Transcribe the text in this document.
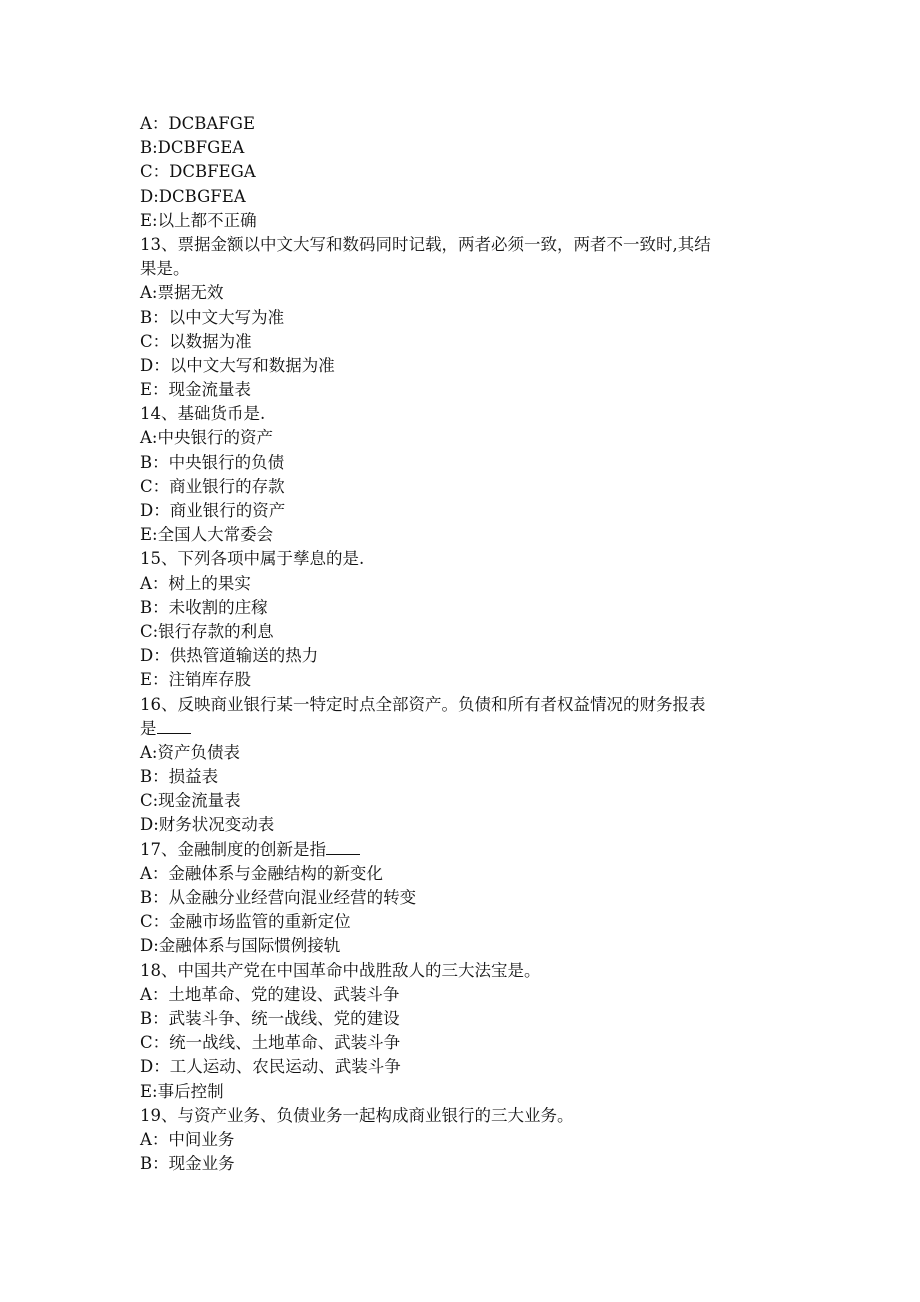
A：DCBAFGE
B:DCBFGEA
C：DCBFEGA
D:DCBGFEA
E:以上都不正确
13、票据金额以中文大写和数码同时记载，两者必须一致，两者不一致时,其结
果是。
A:票据无效
B：以中文大写为准
C：以数据为准
D：以中文大写和数据为准
E：现金流量表
14、基础货币是.
A:中央银行的资产
B：中央银行的负债
C：商业银行的存款
D：商业银行的资产
E:全国人大常委会
15、下列各项中属于孳息的是.
A：树上的果实
B：未收割的庄稼
C:银行存款的利息
D：供热管道输送的热力
E：注销库存股
16、反映商业银行某一特定时点全部资产。负债和所有者权益情况的财务报表
是
A:资产负债表
B：损益表
C:现金流量表
D:财务状况变动表
17、金融制度的创新是指
A：金融体系与金融结构的新变化
B：从金融分业经营向混业经营的转变
C：金融市场监管的重新定位
D:金融体系与国际惯例接轨
18、中国共产党在中国革命中战胜敌人的三大法宝是。
A：土地革命、党的建设、武装斗争
B：武装斗争、统一战线、党的建设
C：统一战线、土地革命、武装斗争
D：工人运动、农民运动、武装斗争
E:事后控制
19、与资产业务、负债业务一起构成商业银行的三大业务。
A：中间业务
B：现金业务
